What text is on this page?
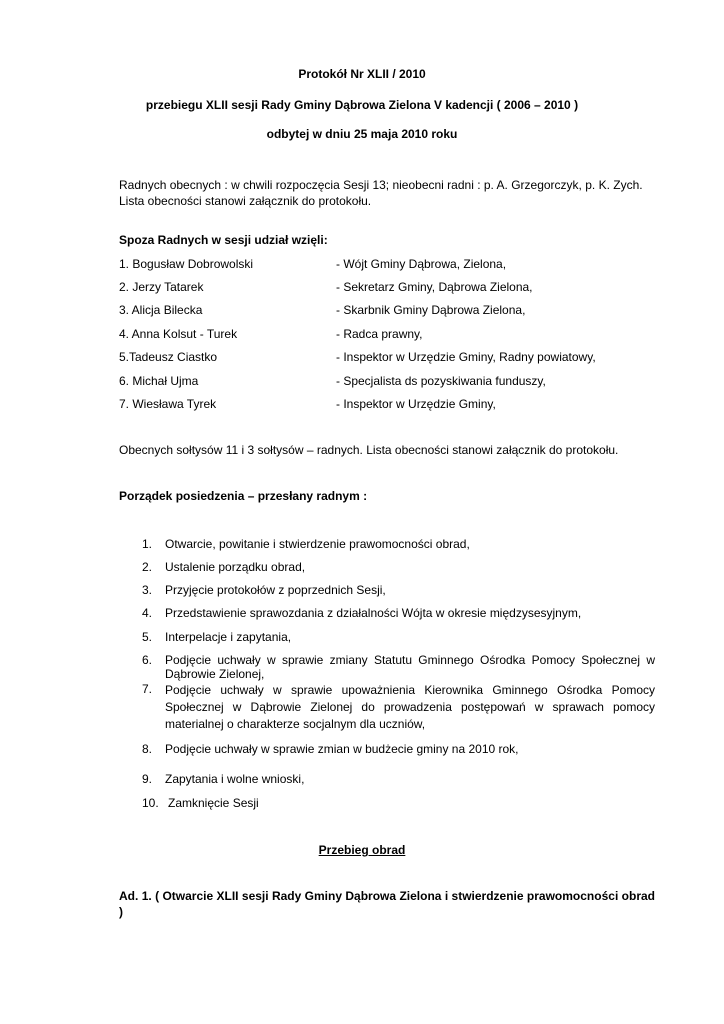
Protokół Nr XLII / 2010
przebiegu XLII sesji Rady Gminy Dąbrowa Zielona V kadencji ( 2006 – 2010 )
odbytej w dniu 25 maja 2010 roku
Radnych obecnych : w chwili rozpoczęcia Sesji 13; nieobecni radni : p. A. Grzegorczyk, p. K. Zych.
Lista obecności stanowi załącznik do protokołu.
Spoza Radnych w sesji udział wzięli:
1. Bogusław Dobrowolski	- Wójt Gminy Dąbrowa, Zielona,
2. Jerzy Tatarek	- Sekretarz Gminy, Dąbrowa Zielona,
3. Alicja Bilecka	- Skarbnik Gminy Dąbrowa Zielona,
4. Anna Kolsut - Turek	- Radca prawny,
5.Tadeusz Ciastko	- Inspektor w Urzędzie Gminy, Radny powiatowy,
6. Michał Ujma	- Specjalista ds pozyskiwania funduszy,
7. Wiesława Tyrek	- Inspektor w Urzędzie Gminy,
Obecnych sołtysów 11 i 3 sołtysów – radnych. Lista obecności stanowi załącznik do protokołu.
Porządek posiedzenia – przesłany radnym :
1. Otwarcie, powitanie i stwierdzenie prawomocności obrad,
2. Ustalenie porządku obrad,
3. Przyjęcie protokołów z poprzednich Sesji,
4. Przedstawienie sprawozdania z działalności Wójta w okresie międzysesyjnym,
5. Interpelacje i zapytania,
6. Podjęcie uchwały w sprawie zmiany Statutu Gminnego Ośrodka Pomocy Społecznej w Dąbrowie Zielonej,
7. Podjęcie uchwały w sprawie upoważnienia Kierownika Gminnego Ośrodka Pomocy Społecznej w Dąbrowie Zielonej do prowadzenia postępowań w sprawach pomocy materialnej o charakterze socjalnym dla uczniów,
8. Podjęcie uchwały w sprawie zmian w budżecie gminy na 2010 rok,
9. Zapytania i wolne wnioski,
10. Zamknięcie Sesji
Przebieg obrad
Ad. 1. ( Otwarcie XLII sesji Rady Gminy Dąbrowa Zielona i stwierdzenie prawomocności obrad )
